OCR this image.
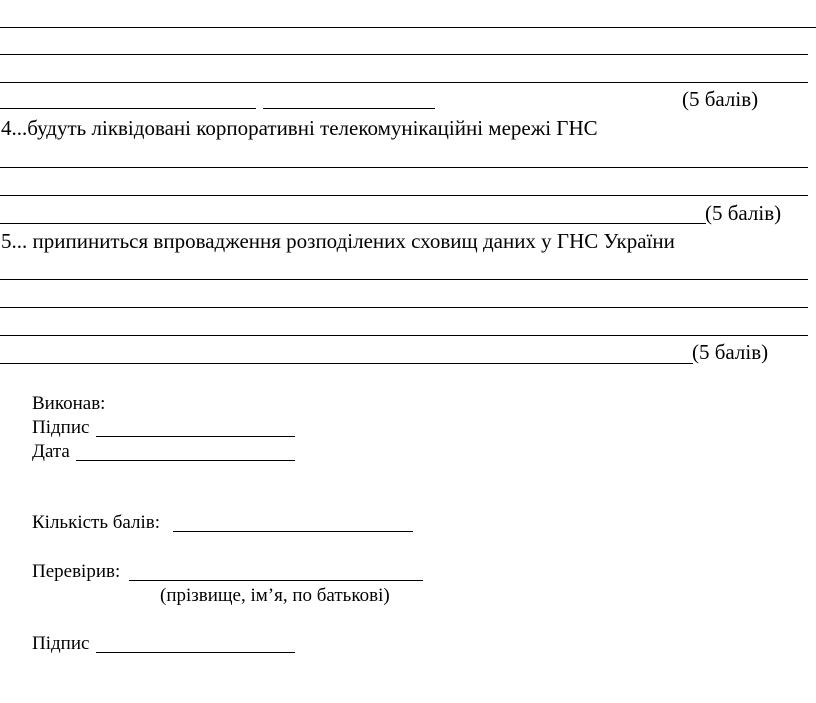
(5 балів)
4...будуть ліквідовані корпоративні телекомунікаційні мережі ГНС
(5 балів)
5... припиниться впровадження розподілених сховищ даних у ГНС України
(5 балів)
Виконав:
Підпис
Дата
Кількість балів:
Перевірив:
(прізвище, ім’я, по батькові)
Підпис
